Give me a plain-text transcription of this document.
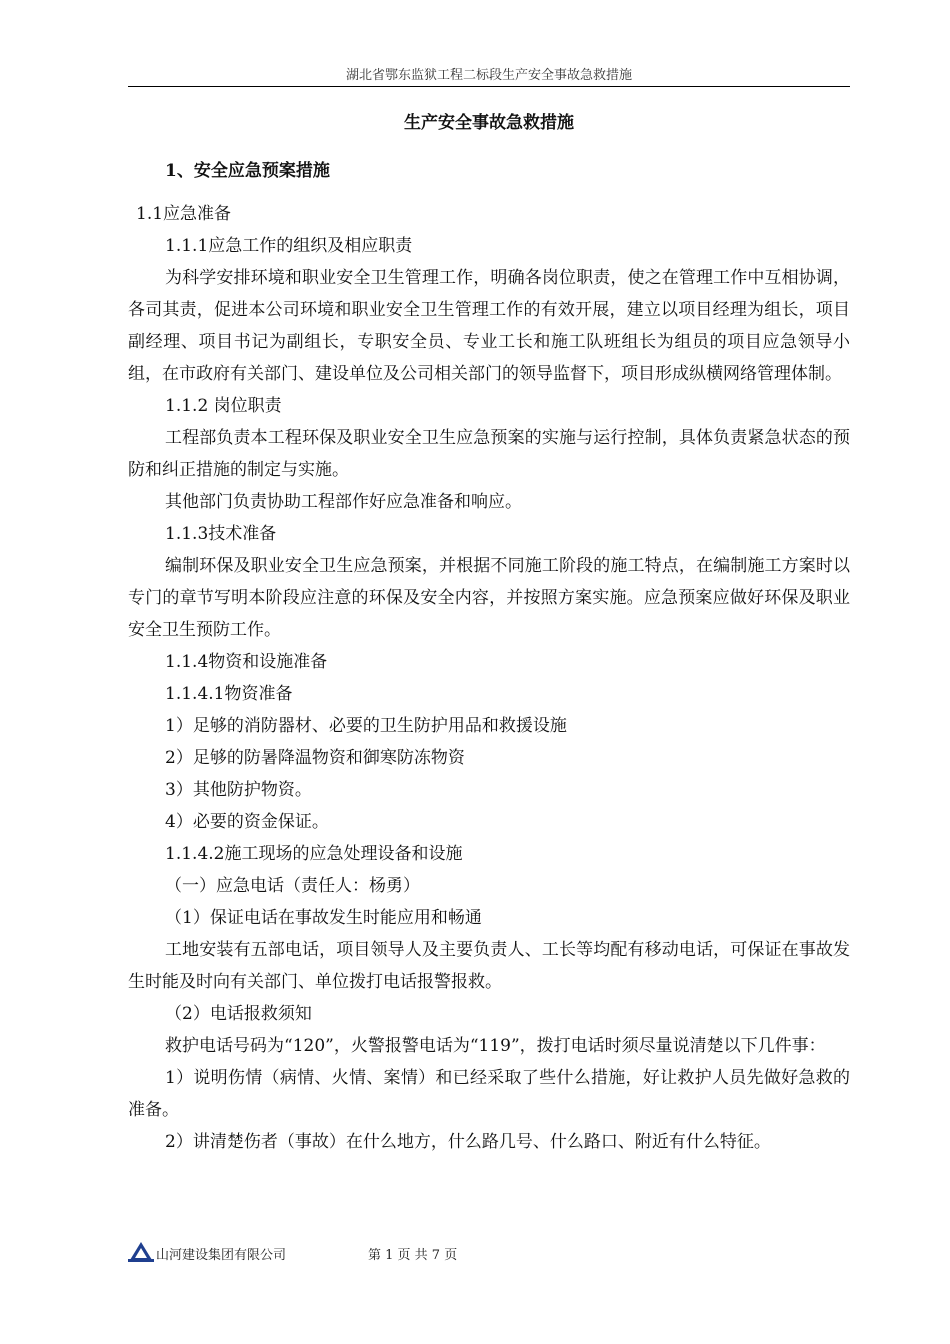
湖北省鄂东监狱工程二标段生产安全事故急救措施
生产安全事故急救措施
1、安全应急预案措施

1.1应急准备

1.1.1应急工作的组织及相应职责

为科学安排环境和职业安全卫生管理工作，明确各岗位职责，使之在管理工作中互相协调，各司其责，促进本公司环境和职业安全卫生管理工作的有效开展，建立以项目经理为组长，项目副经理、项目书记为副组长，专职安全员、专业工长和施工队班组长为组员的项目应急领导小组，在市政府有关部门、建设单位及公司相关部门的领导监督下，项目形成纵横网络管理体制。

1.1.2 岗位职责

工程部负责本工程环保及职业安全卫生应急预案的实施与运行控制，具体负责紧急状态的预防和纠正措施的制定与实施。

其他部门负责协助工程部作好应急准备和响应。

1.1.3技术准备

编制环保及职业安全卫生应急预案，并根据不同施工阶段的施工特点，在编制施工方案时以专门的章节写明本阶段应注意的环保及安全内容，并按照方案实施。应急预案应做好环保及职业安全卫生预防工作。

1.1.4物资和设施准备

1.1.4.1物资准备

1）足够的消防器材、必要的卫生防护用品和救援设施

2）足够的防暑降温物资和御寒防冻物资

3）其他防护物资。

4）必要的资金保证。

1.1.4.2施工现场的应急处理设备和设施

（一）应急电话（责任人：杨勇）

（1）保证电话在事故发生时能应用和畅通

工地安装有五部电话，项目领导人及主要负责人、工长等均配有移动电话，可保证在事故发生时能及时向有关部门、单位拨打电话报警报救。

（2）电话报救须知

救护电话号码为“120”，火警报警电话为“119”，拨打电话时须尽量说清楚以下几件事：

1）说明伤情（病情、火情、案情）和已经采取了些什么措施，好让救护人员先做好急救的准备。

2）讲清楚伤者（事故）在什么地方，什么路几号、什么路口、附近有什么特征。

山河建设集团有限公司	第 1 页 共 7 页
